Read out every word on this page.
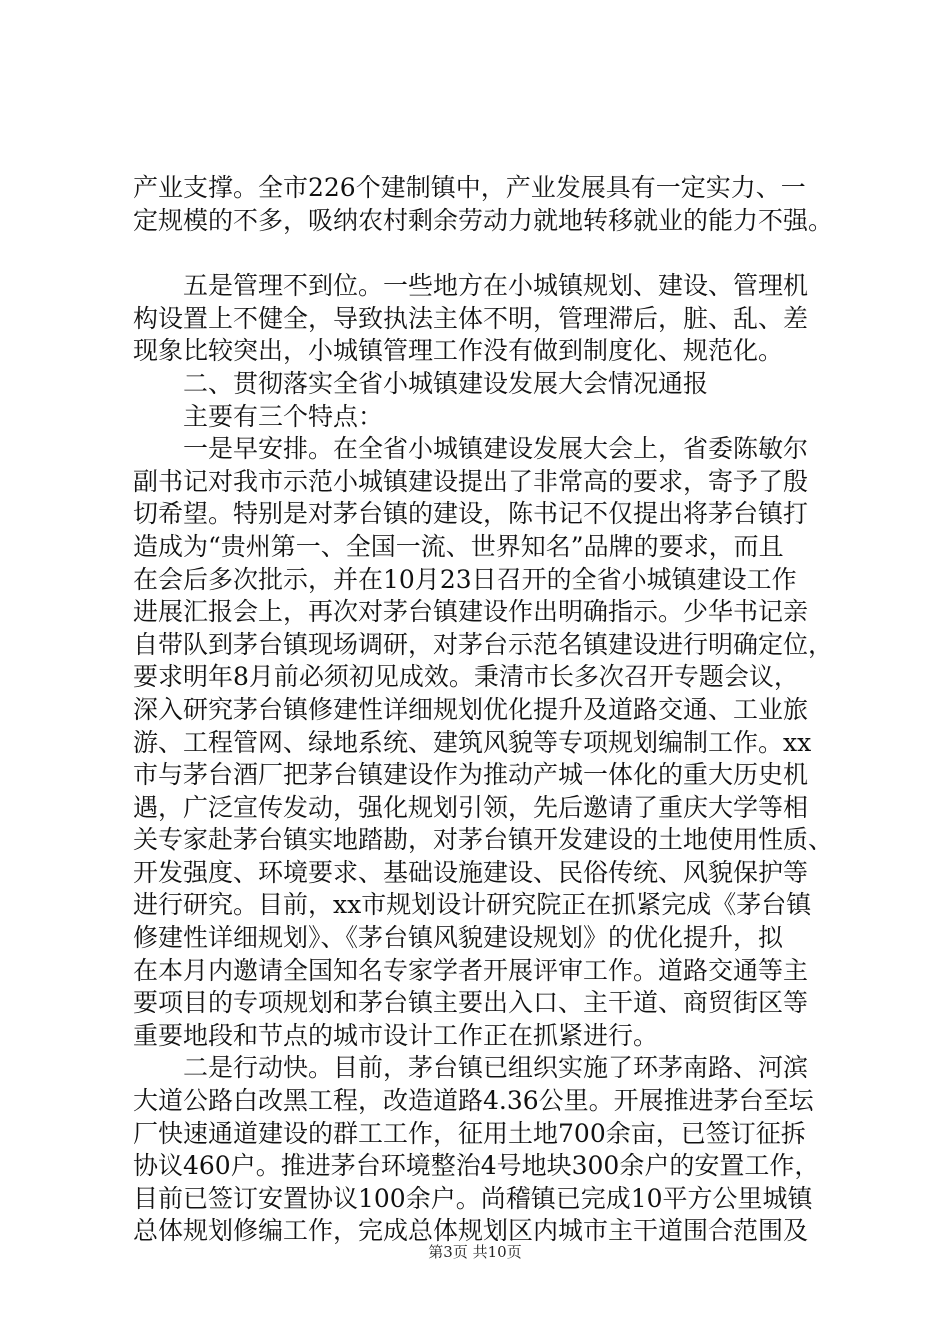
产业支撑。全市226个建制镇中，产业发展具有一定实力、一
定规模的不多，吸纳农村剩余劳动力就地转移就业的能力不强。
五是管理不到位。一些地方在小城镇规划、建设、管理机
构设置上不健全，导致执法主体不明，管理滞后，脏、乱、差
现象比较突出，小城镇管理工作没有做到制度化、规范化。
二、贯彻落实全省小城镇建设发展大会情况通报
主要有三个特点：
一是早安排。在全省小城镇建设发展大会上，省委陈敏尔
副书记对我市示范小城镇建设提出了非常高的要求，寄予了殷
切希望。特别是对茅台镇的建设，陈书记不仅提出将茅台镇打
造成为“贵州第一、全国一流、世界知名”品牌的要求，而且
在会后多次批示，并在10月23日召开的全省小城镇建设工作
进展汇报会上，再次对茅台镇建设作出明确指示。少华书记亲
自带队到茅台镇现场调研，对茅台示范名镇建设进行明确定位，
要求明年8月前必须初见成效。秉清市长多次召开专题会议，
深入研究茅台镇修建性详细规划优化提升及道路交通、工业旅
游、工程管网、绿地系统、建筑风貌等专项规划编制工作。xx
市与茅台酒厂把茅台镇建设作为推动产城一体化的重大历史机
遇，广泛宣传发动，强化规划引领，先后邀请了重庆大学等相
关专家赴茅台镇实地踏勘，对茅台镇开发建设的土地使用性质、
开发强度、环境要求、基础设施建设、民俗传统、风貌保护等
进行研究。目前，xx市规划设计研究院正在抓紧完成《茅台镇
修建性详细规划》、《茅台镇风貌建设规划》的优化提升，拟
在本月内邀请全国知名专家学者开展评审工作。道路交通等主
要项目的专项规划和茅台镇主要出入口、主干道、商贸街区等
重要地段和节点的城市设计工作正在抓紧进行。
二是行动快。目前，茅台镇已组织实施了环茅南路、河滨
大道公路白改黑工程，改造道路4.36公里。开展推进茅台至坛
厂快速通道建设的群工工作，征用土地700余亩，已签订征拆
协议460户。推进茅台环境整治4号地块300余户的安置工作，
目前已签订安置协议100余户。尚稽镇已完成10平方公里城镇
总体规划修编工作，完成总体规划区内城市主干道围合范围及
第3页 共10页
